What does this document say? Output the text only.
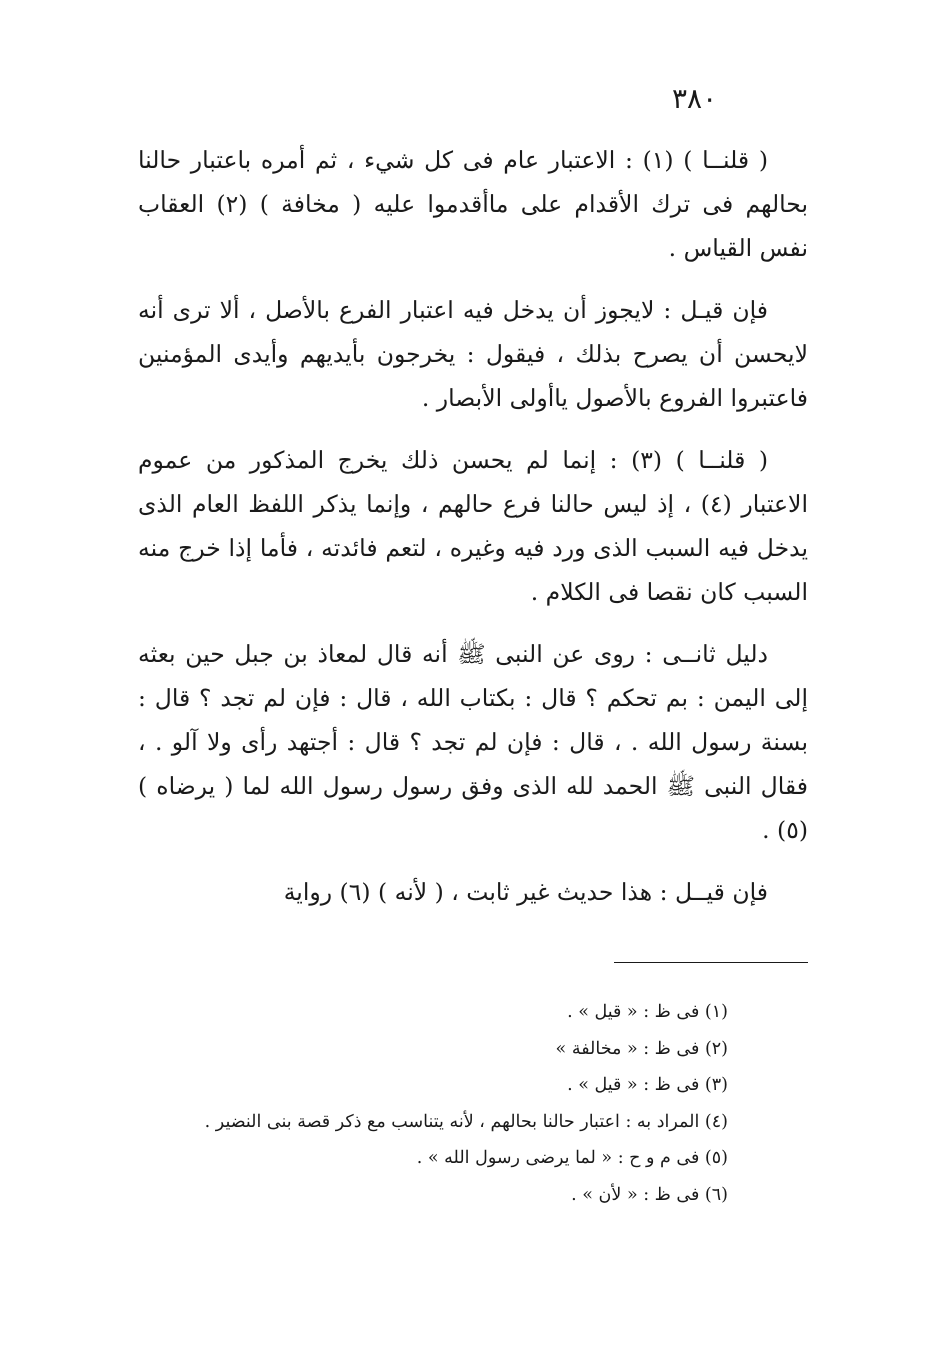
٣٨٠

( قلنــا ) (١) : الاعتبار عام فى كل شيء ، ثم أمره باعتبار حالنا بحالهم فى ترك الأقدام على ماأقدموا عليه ( مخافة ) (٢) العقاب نفس القياس .

فإن قيـل : لايجوز أن يدخل فيه اعتبار الفرع بالأصل ، ألا ترى أنه لايحسن أن يصرح بذلك ، فيقول : يخرجون بأيديهم وأيدى المؤمنين فاعتبروا الفروع بالأصول ياأولى الأبصار .

( قلنــا ) (٣) : إنما لم يحسن ذلك يخرج المذكور من عموم الاعتبار (٤) ، إذ ليس حالنا فرع حالهم ، وإنما يذكر اللفظ العام الذى يدخل فيه السبب الذى ورد فيه وغيره ، لتعم فائدته ، فأما إذا خرج منه السبب كان نقصا فى الكلام .

دليل ثانــى : روى عن النبى ﷺ أنه قال لمعاذ بن جبل حين بعثه إلى اليمن : بم تحكم ؟ قال : بكتاب الله ، قال : فإن لم تجد ؟ قال : بسنة رسول الله . ، قال : فإن لم تجد ؟ قال : أجتهد رأى ولا آلو . ، فقال النبى ﷺ الحمد لله الذى وفق رسول رسول الله لما ( يرضاه ) (٥) .

فإن قيــل : هذا حديث غير ثابت ، ( لأنه ) (٦) رواية

(١) فى ظ : « قيل » .
(٢) فى ظ : « مخالفة »
(٣) فى ظ : « قيل » .
(٤) المراد به : اعتبار حالنا بحالهم ، لأنه يتناسب مع ذكر قصة بنى النضير .
(٥) فى م و ح : « لما يرضى رسول الله » .
(٦) فى ظ : « لأن » .
